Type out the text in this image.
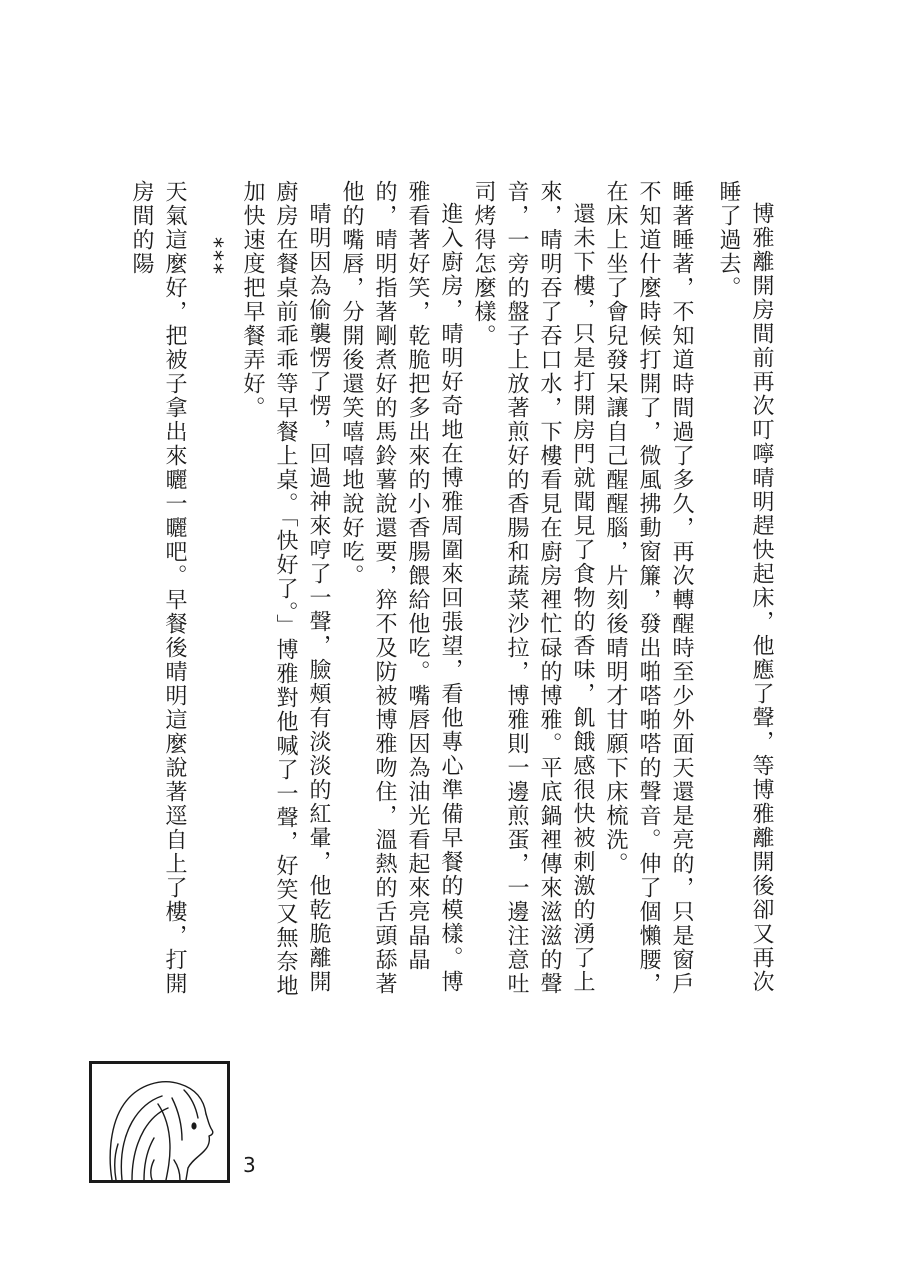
博雅離開房間前再次叮嚀晴明趕快起床，他應了聲，等博雅離開後卻又再次睡了過去。

睡著睡著，不知道時間過了多久，再次轉醒時至少外面天還是亮的，只是窗戶不知道什麼時候打開了，微風拂動窗簾，發出啪嗒啪嗒的聲音。伸了個懶腰，在床上坐了會兒發呆讓自己醒醒腦，片刻後晴明才甘願下床梳洗。

還未下樓，只是打開房門就聞見了食物的香味，飢餓感很快被刺激的湧了上來，晴明吞了吞口水，下樓看見在廚房裡忙碌的博雅。平底鍋裡傳來滋滋的聲音，一旁的盤子上放著煎好的香腸和蔬菜沙拉，博雅則一邊煎蛋，一邊注意吐司烤得怎麼樣。

進入廚房，晴明好奇地在博雅周圍來回張望，看他專心準備早餐的模樣。博雅看著好笑，乾脆把多出來的小香腸餵給他吃。嘴唇因為油光看起來亮晶晶的，晴明指著剛煮好的馬鈴薯說還要，猝不及防被博雅吻住，溫熱的舌頭舔著他的嘴唇，分開後還笑嘻嘻地說好吃。

晴明因為偷襲愣了愣，回過神來哼了一聲，臉頰有淡淡的紅暈，他乾脆離開廚房在餐桌前乖乖等早餐上桌。「快好了。」博雅對他喊了一聲，好笑又無奈地加快速度把早餐弄好。

***

天氣這麼好，把被子拿出來曬一曬吧。早餐後晴明這麼說著逕自上了樓，打開房間的陽

3
